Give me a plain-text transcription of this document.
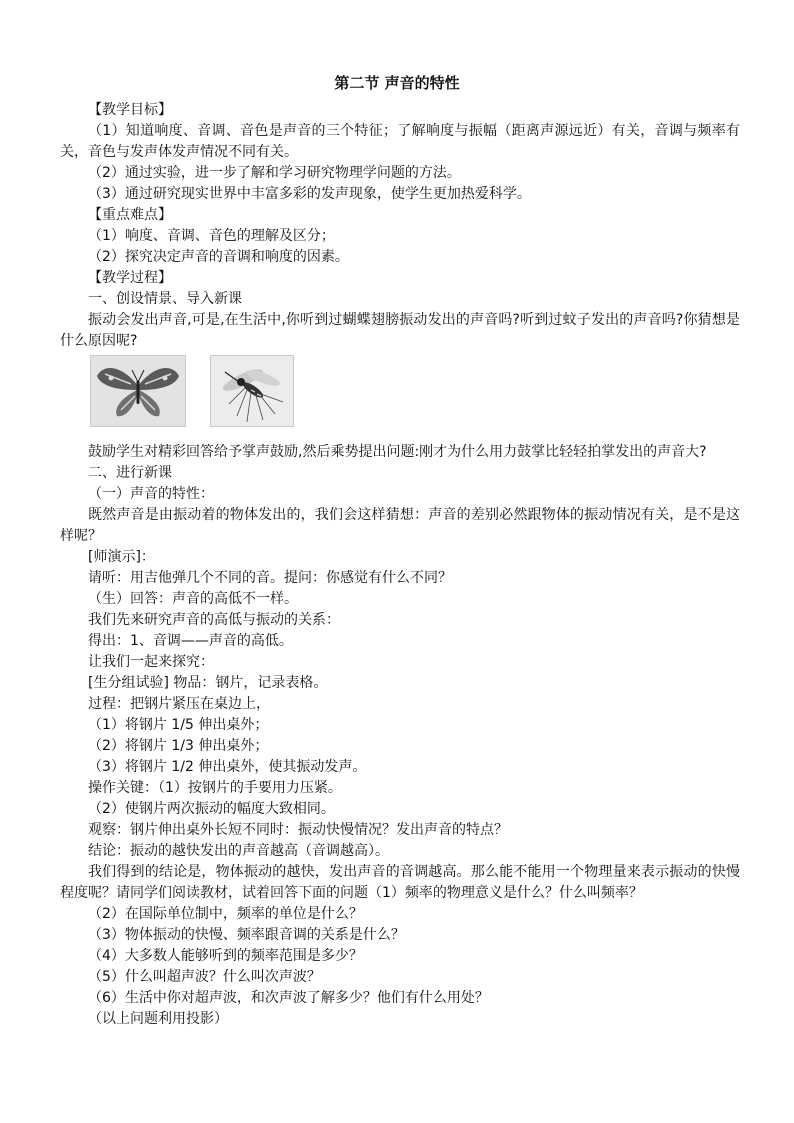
第二节 声音的特性

【教学目标】

（1）知道响度、音调、音色是声音的三个特征；了解响度与振幅（距离声源远近）有关，音调与频率有关，音色与发声体发声情况不同有关。

（2）通过实验，进一步了解和学习研究物理学问题的方法。

（3）通过研究现实世界中丰富多彩的发声现象，使学生更加热爱科学。

【重点难点】

（1）响度、音调、音色的理解及区分；

（2）探究决定声音的音调和响度的因素。

【教学过程】

一、创设情景、导入新课

振动会发出声音,可是,在生活中,你听到过蝴蝶翅膀振动发出的声音吗?听到过蚊子发出的声音吗?你猜想是什么原因呢?

鼓励学生对精彩回答给予掌声鼓励,然后乘势提出问题:刚才为什么用力鼓掌比轻轻拍掌发出的声音大?

二、进行新课

（一）声音的特性：

既然声音是由振动着的物体发出的，我们会这样猜想：声音的差别必然跟物体的振动情况有关，是不是这样呢？

[师演示]：

请听：用吉他弹几个不同的音。提问：你感觉有什么不同？

（生）回答：声音的高低不一样。

我们先来研究声音的高低与振动的关系：

得出：1、音调——声音的高低。

让我们一起来探究：

[生分组试验] 物品：钢片，记录表格。

过程：把钢片紧压在桌边上，

（1）将钢片 1/5 伸出桌外；

（2）将钢片 1/3 伸出桌外；

（3）将钢片 1/2 伸出桌外，使其振动发声。

操作关键：（1）按钢片的手要用力压紧。

（2）使钢片两次振动的幅度大致相同。

观察：钢片伸出桌外长短不同时：振动快慢情况？发出声音的特点？

结论：振动的越快发出的声音越高（音调越高）。

我们得到的结论是，物体振动的越快，发出声音的音调越高。那么能不能用一个物理量来表示振动的快慢程度呢？请同学们阅读教材，试着回答下面的问题（1）频率的物理意义是什么？什么叫频率？

（2）在国际单位制中，频率的单位是什么？

（3）物体振动的快慢、频率跟音调的关系是什么？

（4）大多数人能够听到的频率范围是多少？

（5）什么叫超声波？什么叫次声波？

（6）生活中你对超声波，和次声波了解多少？他们有什么用处？

（以上问题利用投影）
